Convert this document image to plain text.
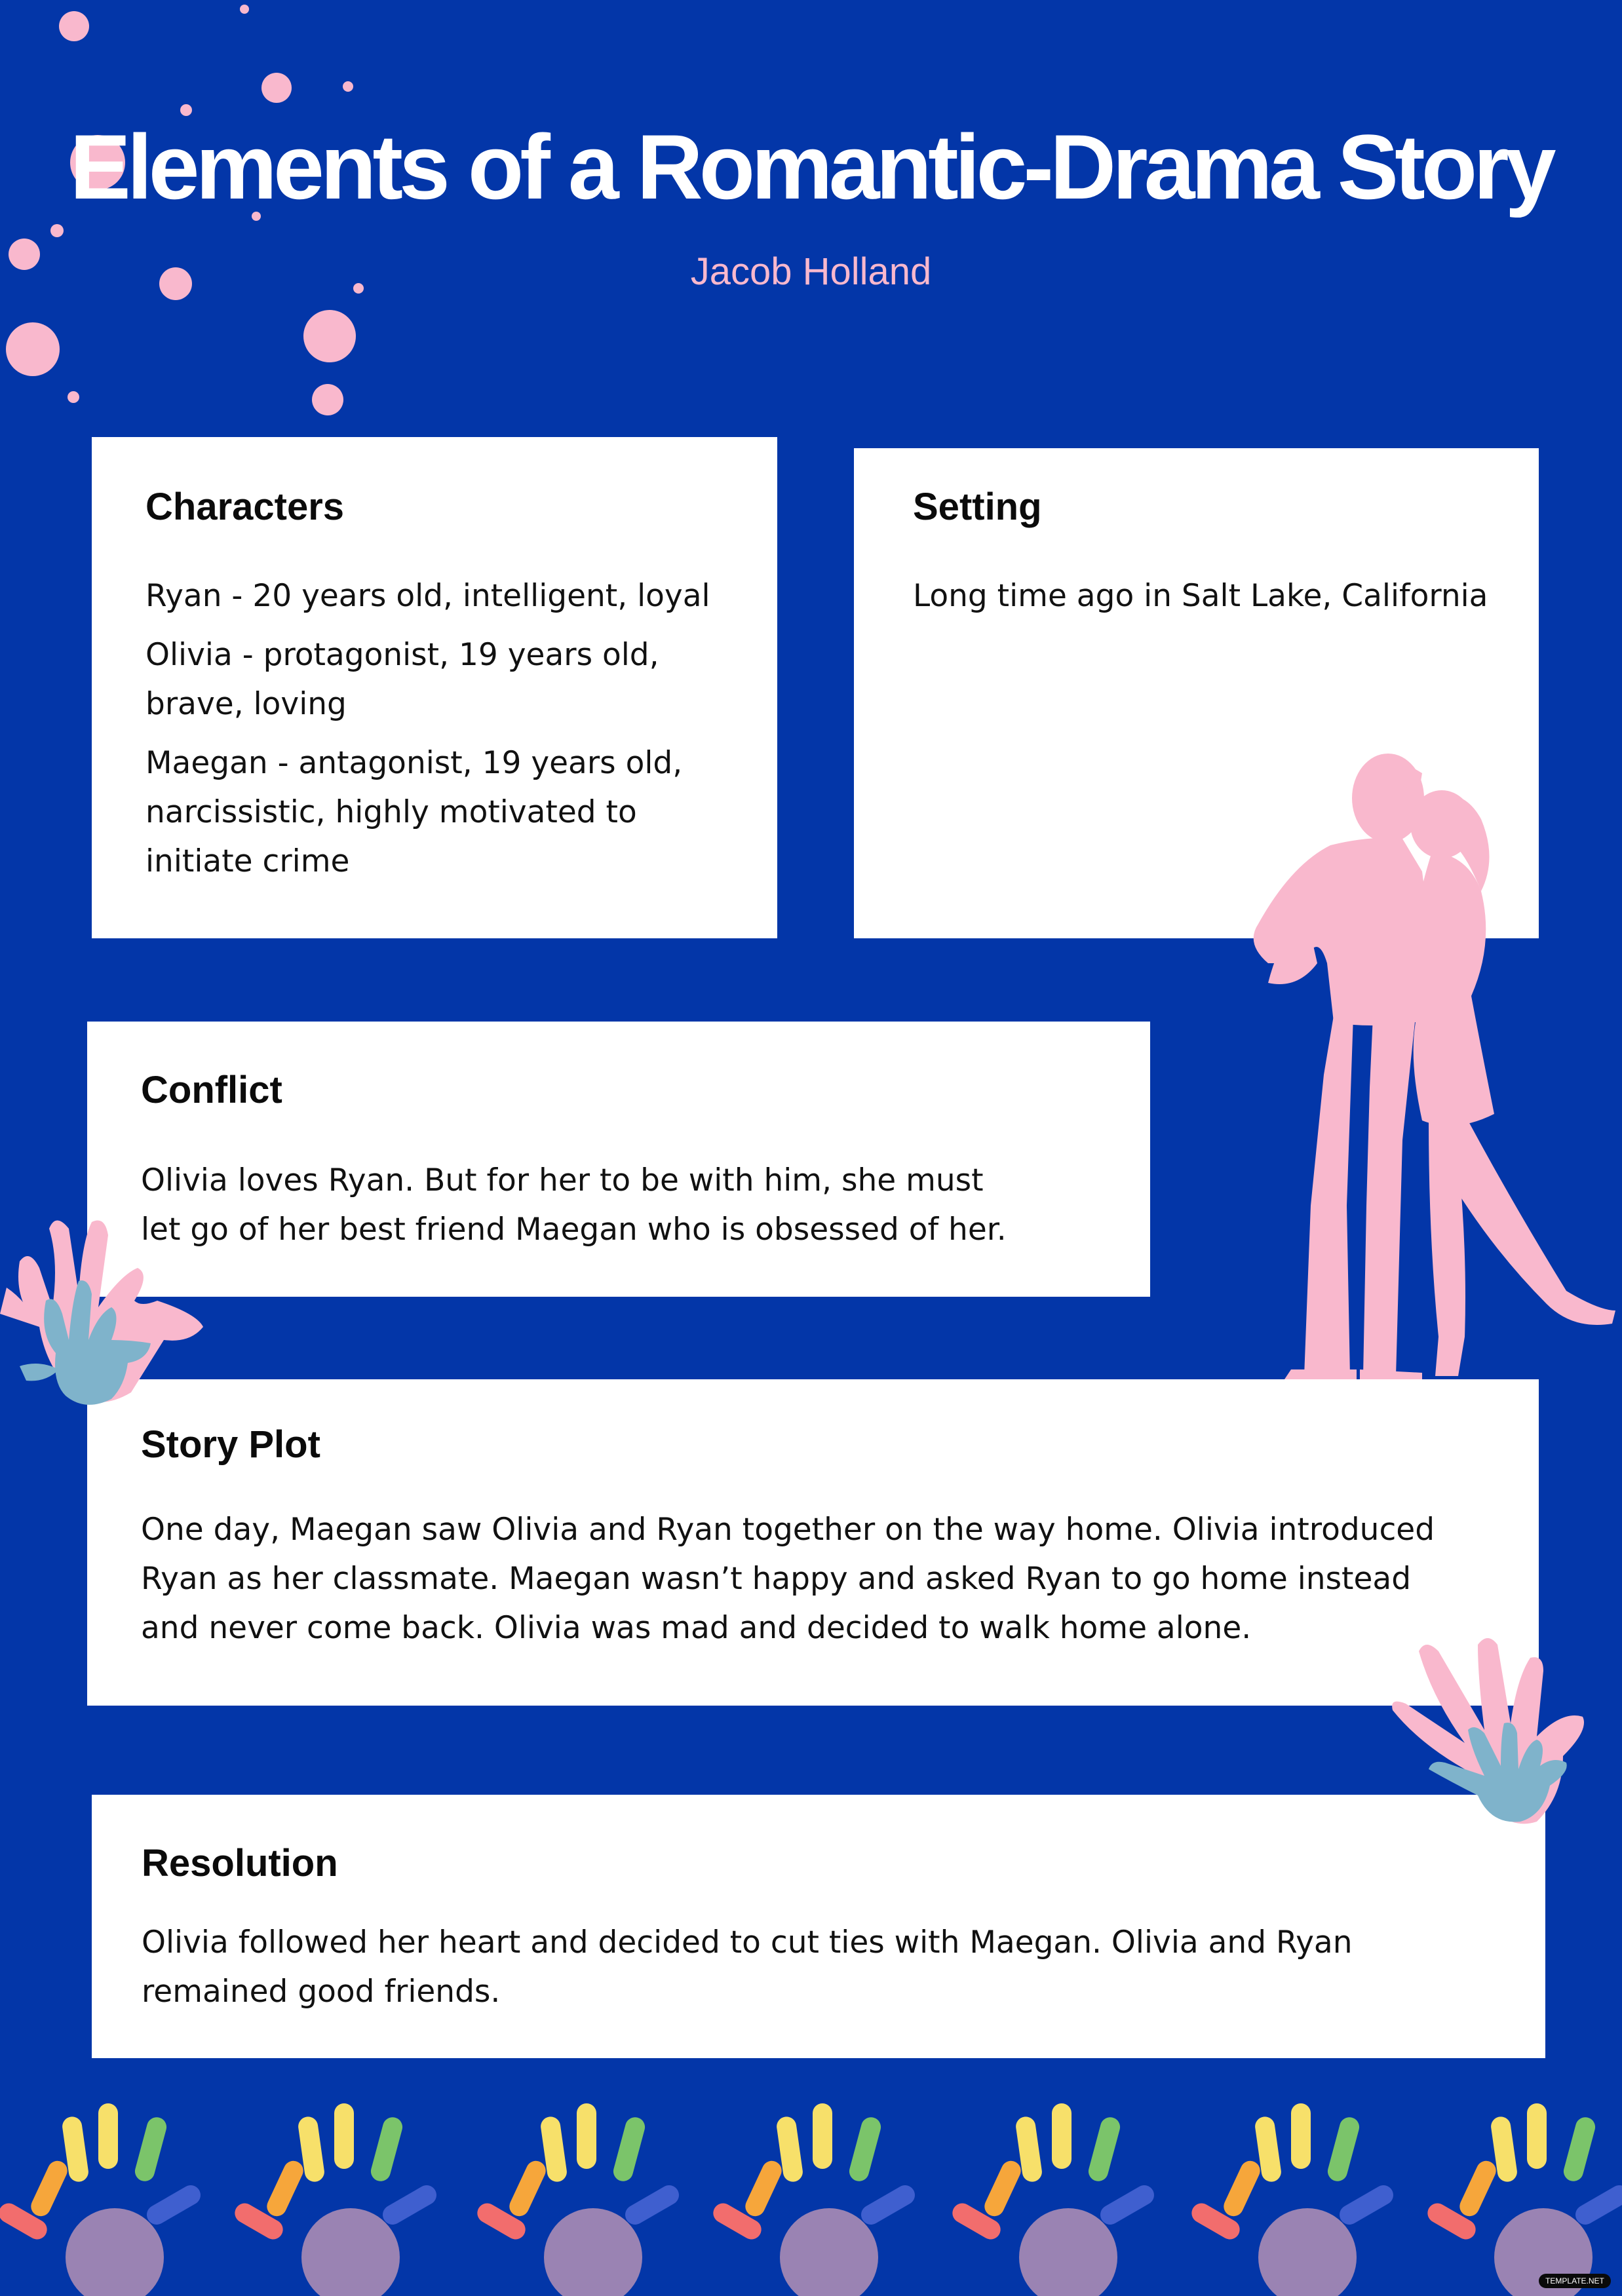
Elements of a Romantic-Drama Story
Jacob Holland
Characters

Ryan - 20 years old, intelligent, loyal

Olivia - protagonist, 19 years old, brave, loving

Maegan - antagonist, 19 years old, narcissistic, highly motivated to initiate crime

Setting

Long time ago in Salt Lake, California

Conflict

Olivia loves Ryan. But for her to be with him, she must let go of her best friend Maegan who is obsessed of her.

Story Plot

One day, Maegan saw Olivia and Ryan together on the way home. Olivia introduced Ryan as her classmate. Maegan wasn’t happy and asked Ryan to go home instead and never come back. Olivia was mad and decided to walk home alone.

Resolution

Olivia followed her heart and decided to cut ties with Maegan. Olivia and Ryan remained good friends.

TEMPLATE.NET
